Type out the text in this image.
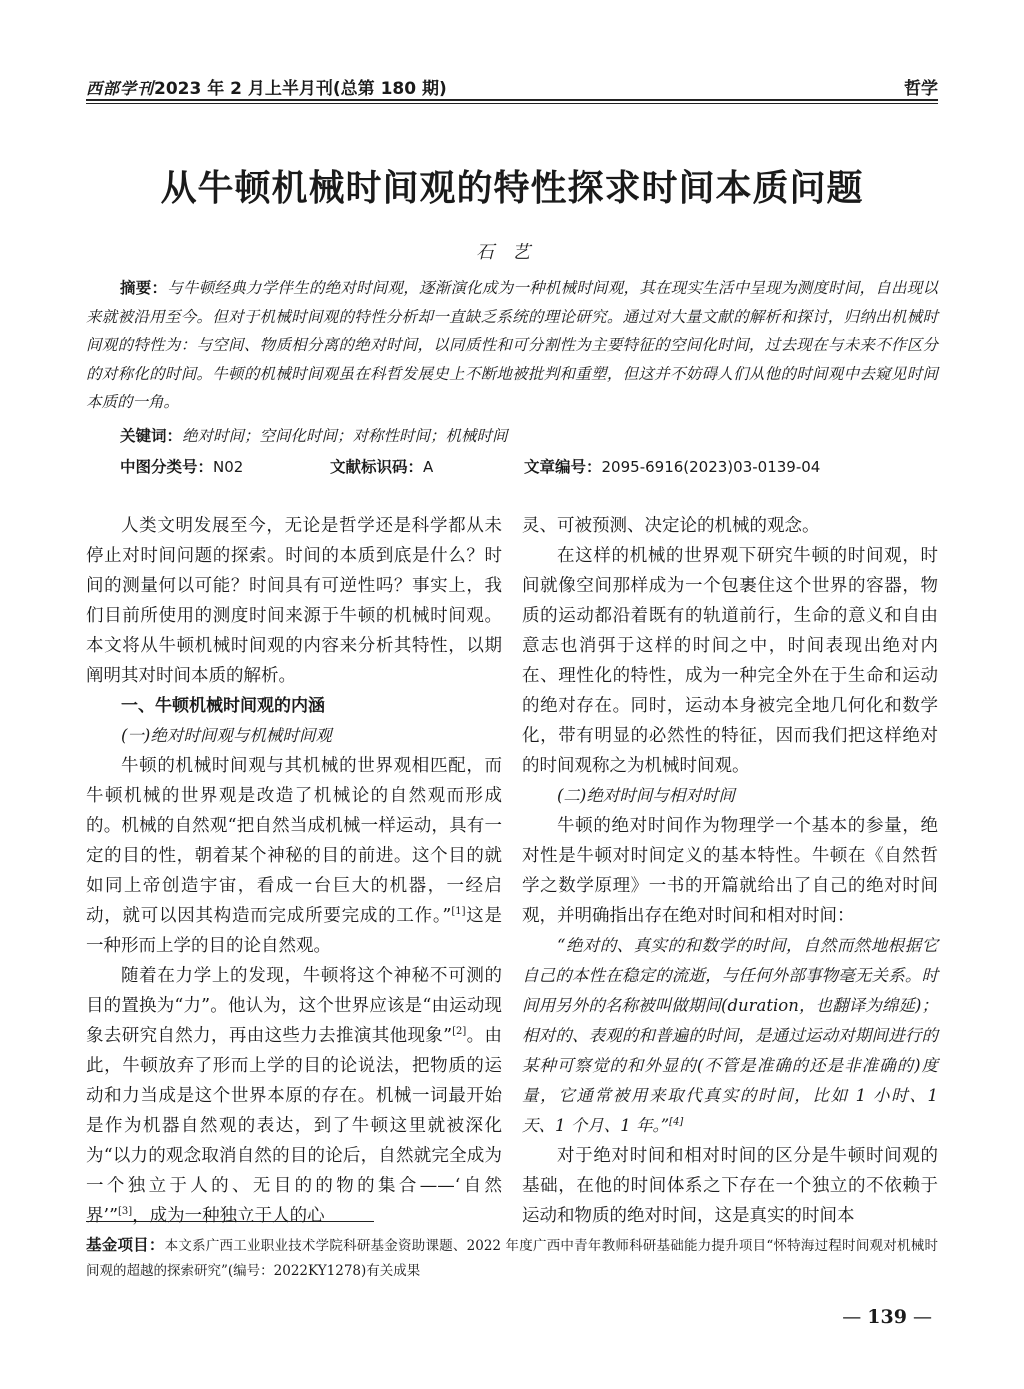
西部学刊2023 年 2 月上半月刊(总第 180 期)	哲学
从牛顿机械时间观的特性探求时间本质问题
石艺
摘要：与牛顿经典力学伴生的绝对时间观，逐渐演化成为一种机械时间观，其在现实生活中呈现为测度时间，自出现以来就被沿用至今。但对于机械时间观的特性分析却一直缺乏系统的理论研究。通过对大量文献的解析和探讨，归纳出机械时间观的特性为：与空间、物质相分离的绝对时间，以同质性和可分割性为主要特征的空间化时间，过去现在与未来不作区分的对称化的时间。牛顿的机械时间观虽在科哲发展史上不断地被批判和重塑，但这并不妨碍人们从他的时间观中去窥见时间本质的一角。
关键词：绝对时间；空间化时间；对称性时间；机械时间
中图分类号：N02	文献标识码：A	文章编号：2095-6916(2023)03-0139-04

人类文明发展至今，无论是哲学还是科学都从未停止对时间问题的探索。时间的本质到底是什么？时间的测量何以可能？时间具有可逆性吗？事实上，我们目前所使用的测度时间来源于牛顿的机械时间观。本文将从牛顿机械时间观的内容来分析其特性，以期阐明其对时间本质的解析。

一、牛顿机械时间观的内涵

(一)绝对时间观与机械时间观

牛顿的机械时间观与其机械的世界观相匹配，而牛顿机械的世界观是改造了机械论的自然观而形成的。机械的自然观“把自然当成机械一样运动，具有一定的目的性，朝着某个神秘的目的前进。这个目的就如同上帝创造宇宙，看成一台巨大的机器，一经启动，就可以因其构造而完成所要完成的工作。”[1]这是一种形而上学的目的论自然观。

随着在力学上的发现，牛顿将这个神秘不可测的目的置换为“力”。他认为，这个世界应该是“由运动现象去研究自然力，再由这些力去推演其他现象”[2]。由此，牛顿放弃了形而上学的目的论说法，把物质的运动和力当成是这个世界本原的存在。机械一词最开始是作为机器自然观的表达，到了牛顿这里就被深化为“以力的观念取消自然的目的论后，自然就完全成为一个独立于人的、无目的的物的集合——‘自然界’”[3]，成为一种独立于人的心

灵、可被预测、决定论的机械的观念。

在这样的机械的世界观下研究牛顿的时间观，时间就像空间那样成为一个包裹住这个世界的容器，物质的运动都沿着既有的轨道前行，生命的意义和自由意志也消弭于这样的时间之中，时间表现出绝对内在、理性化的特性，成为一种完全外在于生命和运动的绝对存在。同时，运动本身被完全地几何化和数学化，带有明显的必然性的特征，因而我们把这样绝对的时间观称之为机械时间观。

(二)绝对时间与相对时间

牛顿的绝对时间作为物理学一个基本的参量，绝对性是牛顿对时间定义的基本特性。牛顿在《自然哲学之数学原理》一书的开篇就给出了自己的绝对时间观，并明确指出存在绝对时间和相对时间：

“绝对的、真实的和数学的时间，自然而然地根据它自己的本性在稳定的流逝，与任何外部事物毫无关系。时间用另外的名称被叫做期间(duration，也翻译为绵延)；相对的、表观的和普遍的时间，是通过运动对期间进行的某种可察觉的和外显的(不管是准确的还是非准确的)度量，它通常被用来取代真实的时间，比如 1 小时、1 天、1 个月、1 年。”[4]

对于绝对时间和相对时间的区分是牛顿时间观的基础，在他的时间体系之下存在一个独立的不依赖于运动和物质的绝对时间，这是真实的时间本

基金项目：本文系广西工业职业技术学院科研基金资助课题、2022 年度广西中青年教师科研基础能力提升项目“怀特海过程时间观对机械时间观的超越的探索研究”(编号：2022KY1278)有关成果
— 139 —
